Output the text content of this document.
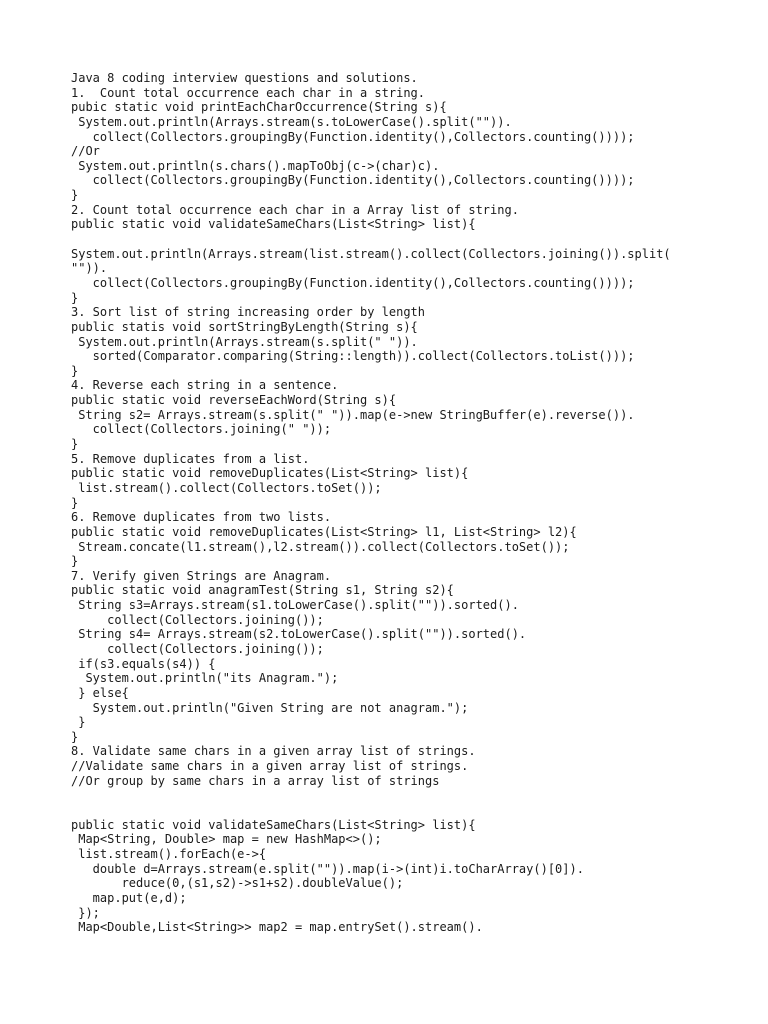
Java 8 coding interview questions and solutions.
1.  Count total occurrence each char in a string.
pubic static void printEachCharOccurrence(String s){
System.out.println(Arrays.stream(s.toLowerCase().split("")).
collect(Collectors.groupingBy(Function.identity(),Collectors.counting())));
//Or
System.out.println(s.chars().mapToObj(c->(char)c).
collect(Collectors.groupingBy(Function.identity(),Collectors.counting())));
}
2. Count total occurrence each char in a Array list of string.
public static void validateSameChars(List<String> list){
System.out.println(Arrays.stream(list.stream().collect(Collectors.joining()).split(
"")).
collect(Collectors.groupingBy(Function.identity(),Collectors.counting())));
}
3. Sort list of string increasing order by length
public statis void sortStringByLength(String s){
System.out.println(Arrays.stream(s.split(" ")).
sorted(Comparator.comparing(String::length)).collect(Collectors.toList()));
}
4. Reverse each string in a sentence.
public static void reverseEachWord(String s){
String s2= Arrays.stream(s.split(" ")).map(e->new StringBuffer(e).reverse()).
collect(Collectors.joining(" "));
}
5. Remove duplicates from a list.
public static void removeDuplicates(List<String> list){
list.stream().collect(Collectors.toSet());
}
6. Remove duplicates from two lists.
public static void removeDuplicates(List<String> l1, List<String> l2){
Stream.concate(l1.stream(),l2.stream()).collect(Collectors.toSet());
}
7. Verify given Strings are Anagram.
public static void anagramTest(String s1, String s2){
String s3=Arrays.stream(s1.toLowerCase().split("")).sorted().
collect(Collectors.joining());
String s4= Arrays.stream(s2.toLowerCase().split("")).sorted().
collect(Collectors.joining());
if(s3.equals(s4)) {
System.out.println("its Anagram.");
} else{
System.out.println("Given String are not anagram.");
}
}
8. Validate same chars in a given array list of strings.
//Validate same chars in a given array list of strings.
//Or group by same chars in a array list of strings
public static void validateSameChars(List<String> list){
Map<String, Double> map = new HashMap<>();
list.stream().forEach(e->{
double d=Arrays.stream(e.split("")).map(i->(int)i.toCharArray()[0]).
reduce(0,(s1,s2)->s1+s2).doubleValue();
map.put(e,d);
});
Map<Double,List<String>> map2 = map.entrySet().stream().
